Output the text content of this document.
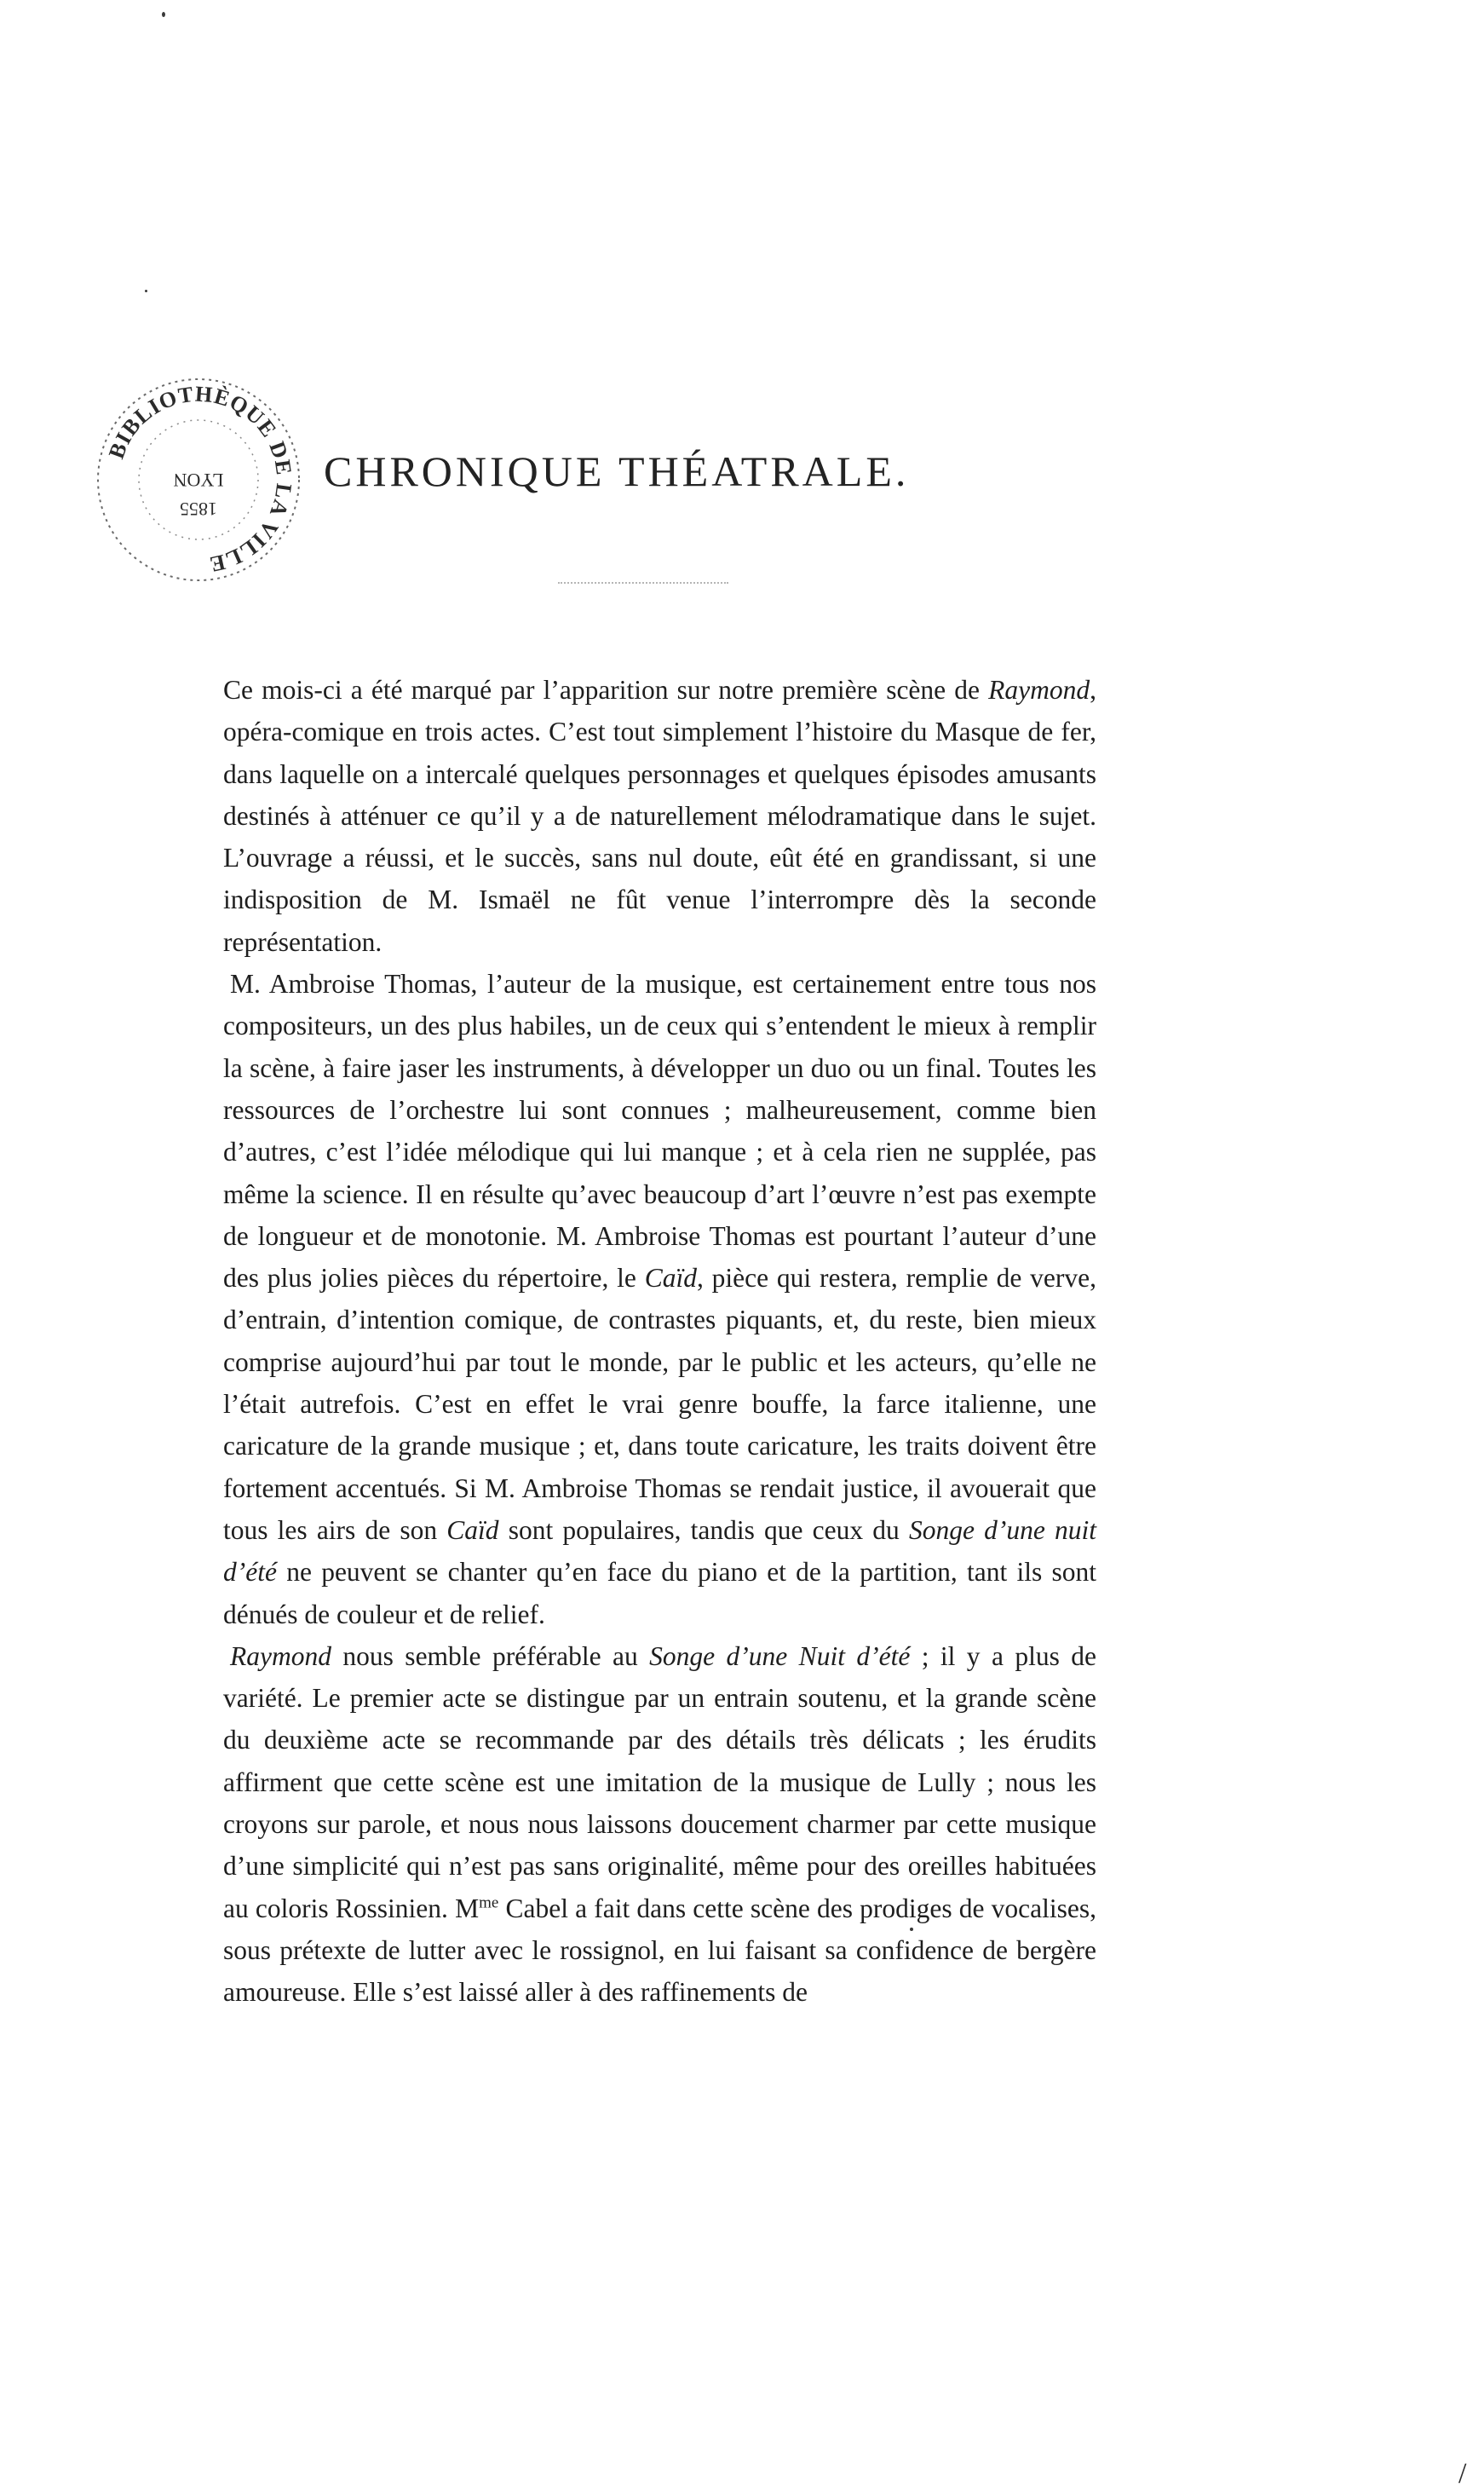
BIBLIOTHÈQUE DE LA VILLE
LYON
1855
CHRONIQUE THÉATRALE.

Ce mois-ci a été marqué par l’apparition sur notre première scène de Raymond, opéra-comique en trois actes. C’est tout simplement l’histoire du Masque de fer, dans laquelle on a intercalé quelques personnages et quelques épisodes amusants destinés à atténuer ce qu’il y a de naturellement mélodramatique dans le sujet. L’ouvrage a réussi, et le succès, sans nul doute, eût été en grandissant, si une indisposition de M. Ismaël ne fût venue l’interrompre dès la seconde représentation.

M. Ambroise Thomas, l’auteur de la musique, est certainement entre tous nos compositeurs, un des plus habiles, un de ceux qui s’entendent le mieux à remplir la scène, à faire jaser les instruments, à développer un duo ou un final. Toutes les ressources de l’orchestre lui sont connues ; malheureusement, comme bien d’autres, c’est l’idée mélodique qui lui manque ; et à cela rien ne supplée, pas même la science. Il en résulte qu’avec beaucoup d’art l’œuvre n’est pas exempte de longueur et de monotonie. M. Ambroise Thomas est pourtant l’auteur d’une des plus jolies pièces du répertoire, le Caïd, pièce qui restera, remplie de verve, d’entrain, d’intention comique, de contrastes piquants, et, du reste, bien mieux comprise aujourd’hui par tout le monde, par le public et les acteurs, qu’elle ne l’était autrefois. C’est en effet le vrai genre bouffe, la farce italienne, une caricature de la grande musique ; et, dans toute caricature, les traits doivent être fortement accentués. Si M. Ambroise Thomas se rendait justice, il avouerait que tous les airs de son Caïd sont populaires, tandis que ceux du Songe d’une nuit d’été ne peuvent se chanter qu’en face du piano et de la partition, tant ils sont dénués de couleur et de relief.

Raymond nous semble préférable au Songe d’une Nuit d’été ; il y a plus de variété. Le premier acte se distingue par un entrain soutenu, et la grande scène du deuxième acte se recommande par des détails très délicats ; les érudits affirment que cette scène est une imitation de la musique de Lully ; nous les croyons sur parole, et nous nous laissons doucement charmer par cette musique d’une simplicité qui n’est pas sans originalité, même pour des oreilles habituées au coloris Rossinien. $M^{me}$ Cabel a fait dans cette scène des prodiges de vocalises, sous prétexte de lutter avec le rossignol, en lui faisant sa confidence de bergère amoureuse. Elle s’est laissé aller à des raffinements de

/
